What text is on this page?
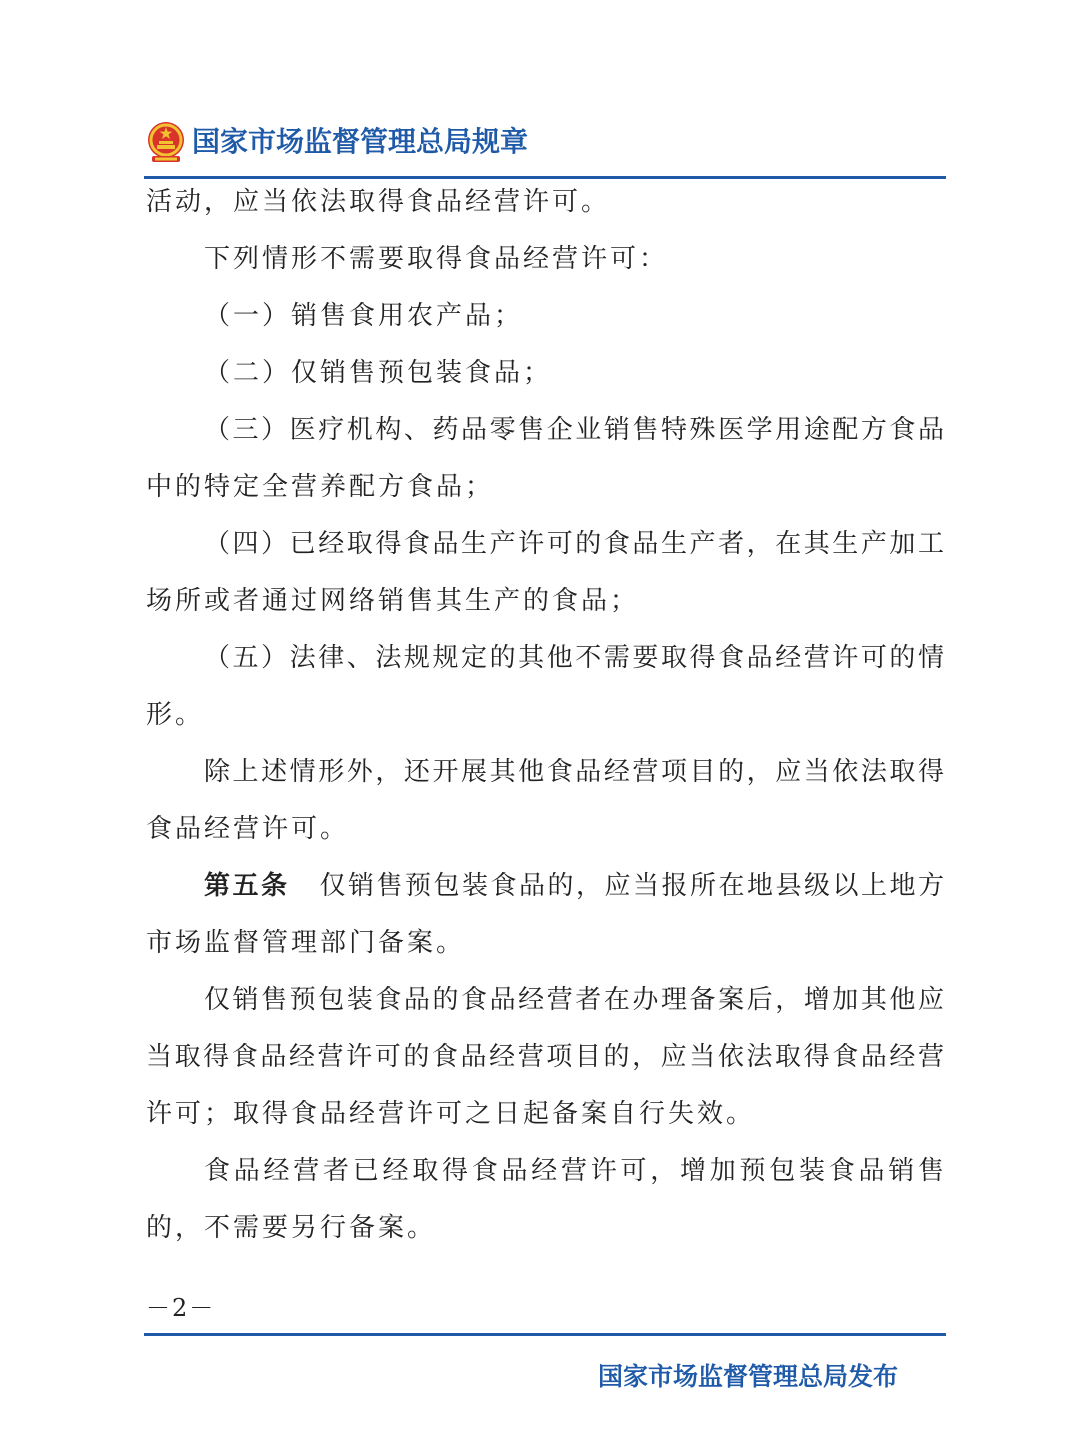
国家市场监督管理总局规章
活动，应当依法取得食品经营许可。
下列情形不需要取得食品经营许可：
（一）销售食用农产品；
（二）仅销售预包装食品；
（三）医疗机构、药品零售企业销售特殊医学用途配方食品
中的特定全营养配方食品；
（四）已经取得食品生产许可的食品生产者，在其生产加工
场所或者通过网络销售其生产的食品；
（五）法律、法规规定的其他不需要取得食品经营许可的情
形。
除上述情形外，还开展其他食品经营项目的，应当依法取得
食品经营许可。
第五条 仅销售预包装食品的，应当报所在地县级以上地方
市场监督管理部门备案。
仅销售预包装食品的食品经营者在办理备案后，增加其他应
当取得食品经营许可的食品经营项目的，应当依法取得食品经营
许可；取得食品经营许可之日起备案自行失效。
食品经营者已经取得食品经营许可，增加预包装食品销售
的，不需要另行备案。
－2－
国家市场监督管理总局发布
